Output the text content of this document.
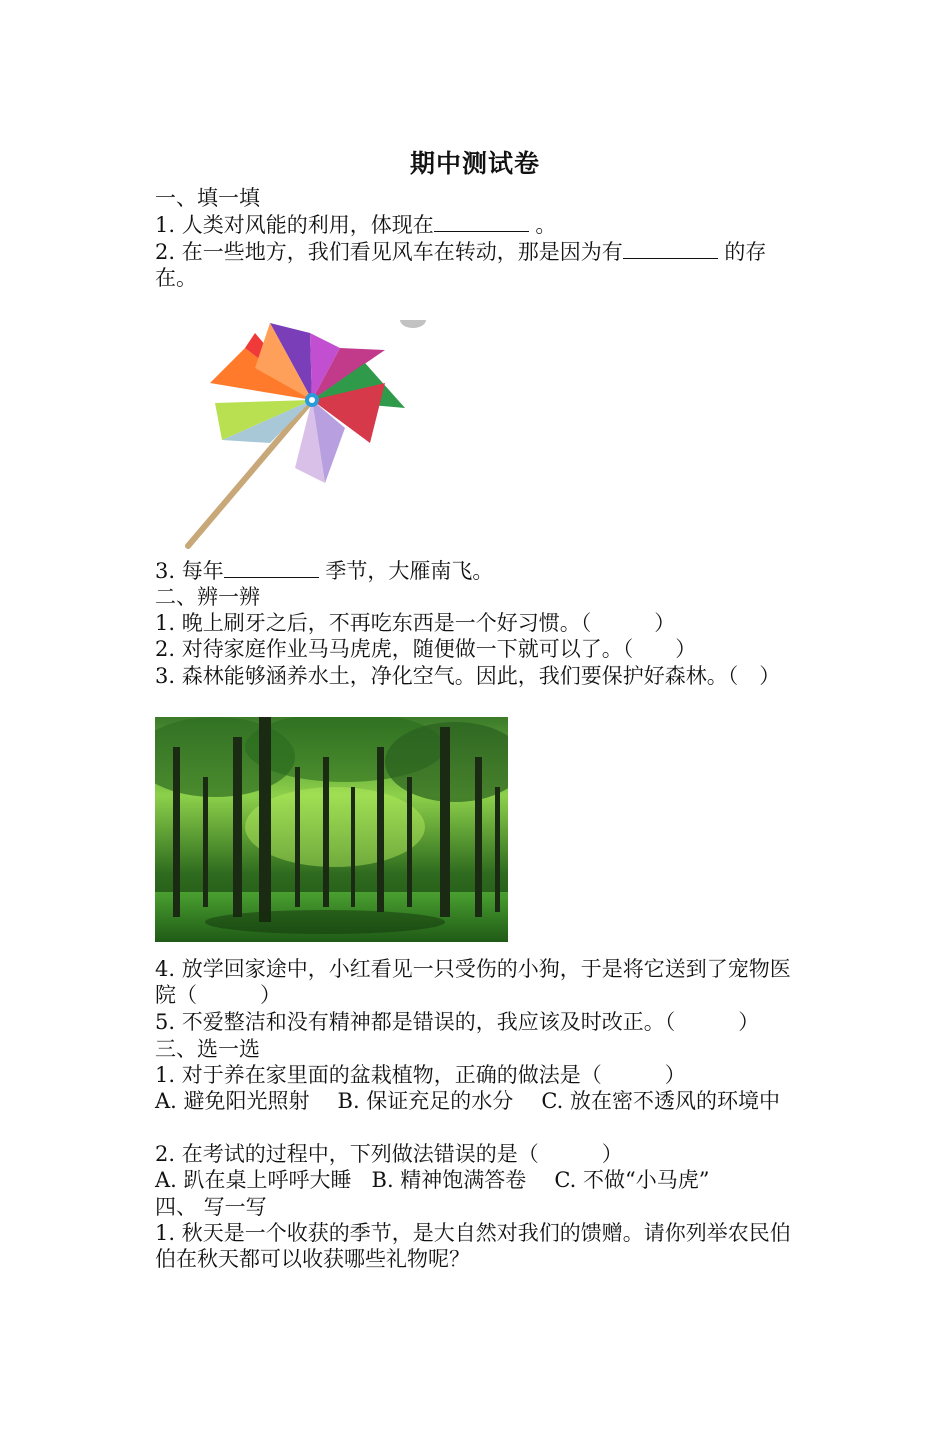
期中测试卷
一、填一填
1. 人类对风能的利用，体现在	。
2. 在一些地方，我们看见风车在转动，那是因为有	的存在。
3. 每年	季节，大雁南飞。
二、辨一辨
1. 晚上刷牙之后，不再吃东西是一个好习惯。（　　　）
2. 对待家庭作业马马虎虎，随便做一下就可以了。（　　）
3. 森林能够涵养水土，净化空气。因此，我们要保护好森林。（　）
4. 放学回家途中，小红看见一只受伤的小狗，于是将它送到了宠物医院（　　　）
5. 不爱整洁和没有精神都是错误的，我应该及时改正。（　　　）
三、选一选
1. 对于养在家里面的盆栽植物，正确的做法是（　　　）
A. 避免阳光照射 B. 保证充足的水分 C. 放在密不透风的环境中
2. 在考试的过程中，下列做法错误的是（　　　）
A. 趴在桌上呼呼大睡 B. 精神饱满答卷 C. 不做“小马虎”
四、 写一写
1. 秋天是一个收获的季节，是大自然对我们的馈赠。请你列举农民伯伯在秋天都可以收获哪些礼物呢？
